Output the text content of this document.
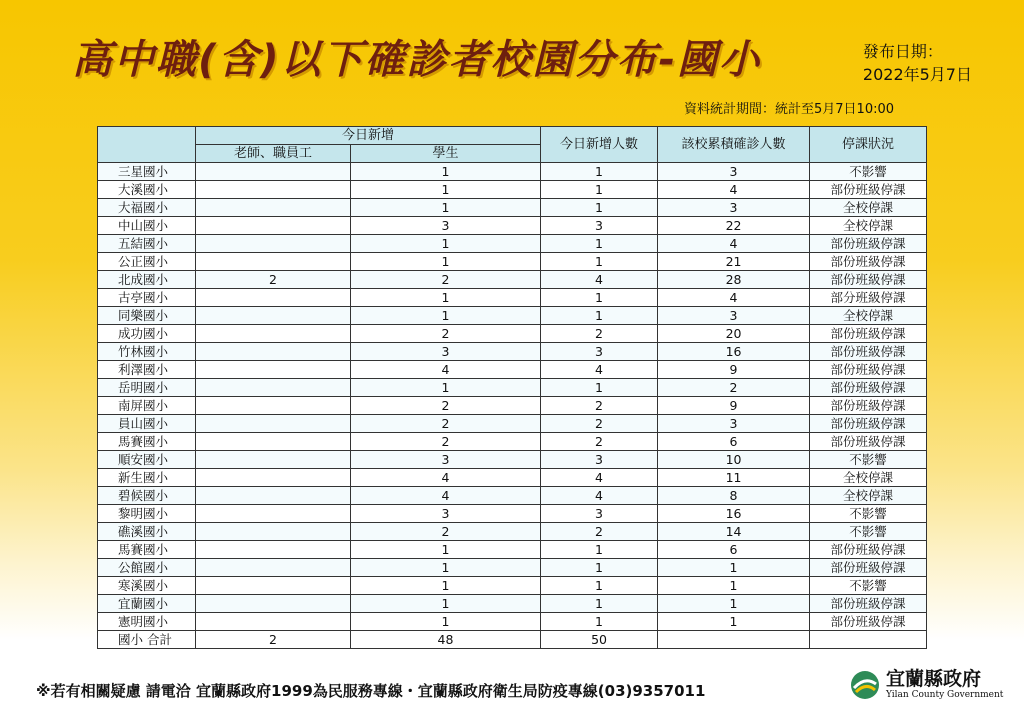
高中職(含)以下確診者校園分布-國小	發布日期：
2022年5月7日
資料統計期間：統計至5月7日10:00
	今日新增		今日新增人數	該校累積確診人數	停課狀況
	老師、職員工	學生			
三星國小		1	1	3	不影響
大溪國小		1	1	4	部份班級停課
大福國小		1	1	3	全校停課
中山國小		3	3	22	全校停課
五結國小		1	1	4	部份班級停課
公正國小		1	1	21	部份班級停課
北成國小	2	2	4	28	部份班級停課
古亭國小		1	1	4	部分班級停課
同樂國小		1	1	3	全校停課
成功國小		2	2	20	部份班級停課
竹林國小		3	3	16	部份班級停課
利澤國小		4	4	9	部份班級停課
岳明國小		1	1	2	部份班級停課
南屏國小		2	2	9	部份班級停課
員山國小		2	2	3	部份班級停課
馬賽國小		2	2	6	部份班級停課
順安國小		3	3	10	不影響
新生國小		4	4	11	全校停課
碧候國小		4	4	8	全校停課
黎明國小		3	3	16	不影響
礁溪國小		2	2	14	不影響
馬賽國小		1	1	6	部份班級停課
公館國小		1	1	1	部份班級停課
寒溪國小		1	1	1	不影響
宜蘭國小		1	1	1	部份班級停課
憲明國小		1	1	1	部份班級停課
國小 合計	2	48	50		
※若有相關疑慮 請電洽 宜蘭縣政府1999為民服務專線・宜蘭縣政府衛生局防疫專線(03)9357011
宜蘭縣政府
Yilan County Government
